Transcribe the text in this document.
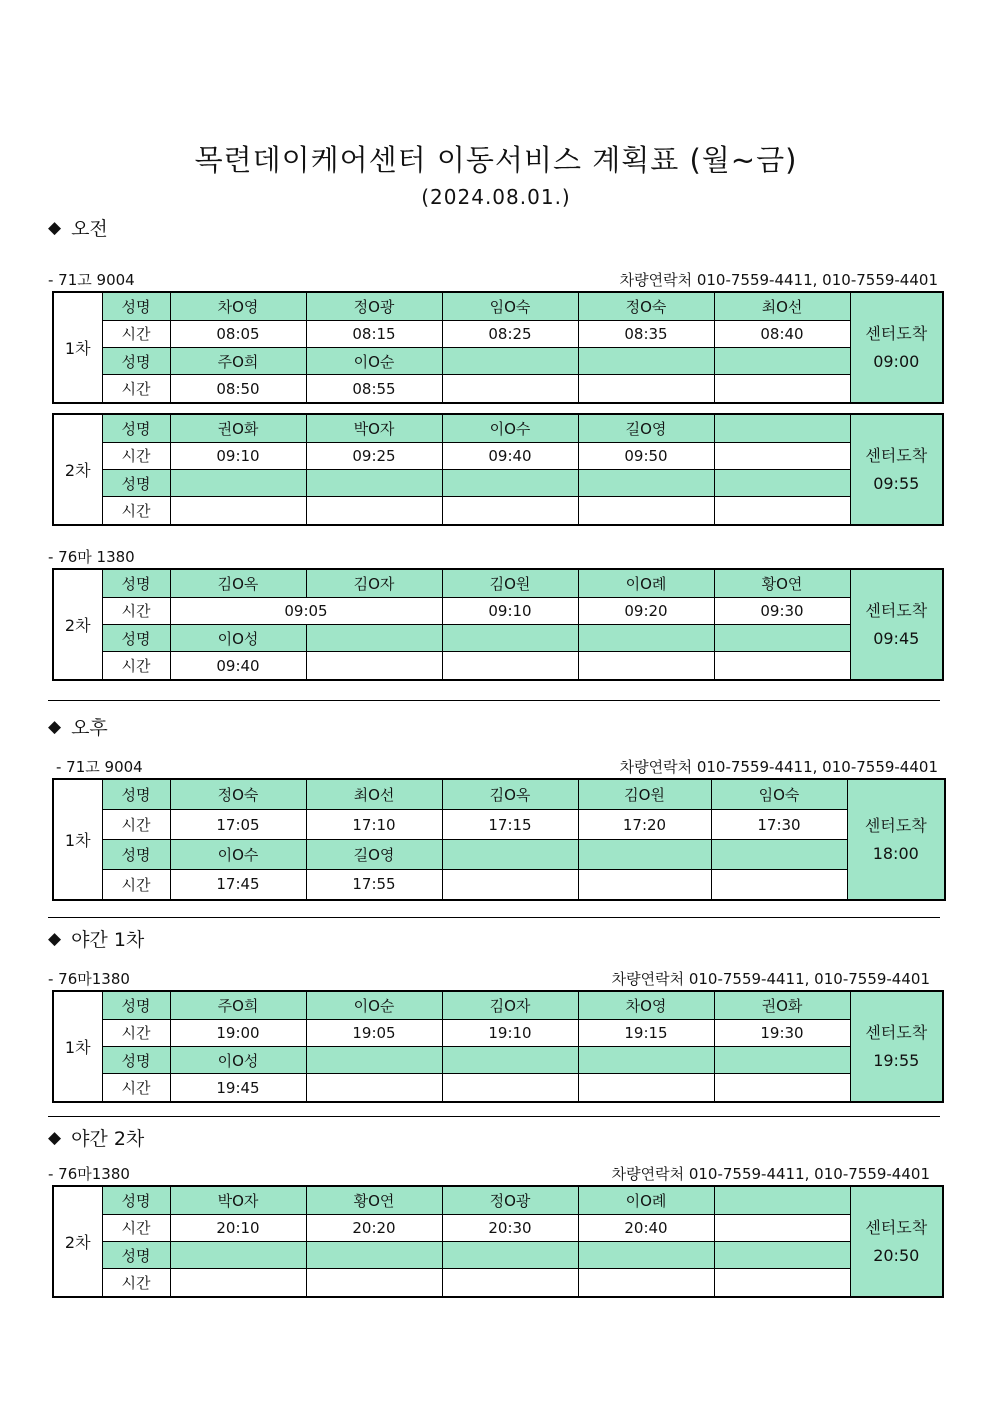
목련데이케어센터 이동서비스 계획표 (월~금)
(2024.08.01.)
◆ 오전
- 71고 9004	차량연락처 010-7559-4411, 010-7559-4401
1차	성명	차O영	정O광	임O숙	정O숙	최O선	센터도착
09:00
	시간	08:05	08:15	08:25	08:35	08:40	
	성명	주O희	이O순				
	시간	08:50	08:55				
2차	성명	권O화	박O자	이O수	길O영		센터도착
09:55
	시간	09:10	09:25	09:40	09:50		
	성명						
	시간						
- 76마 1380
2차	성명	김O옥	김O자	김O원	이O례	황O연	센터도착
09:45
	시간	09:05		09:10	09:20	09:30	
	성명	이O성					
	시간	09:40					
◆ 오후
- 71고 9004	차량연락처 010-7559-4411, 010-7559-4401
1차	성명	정O숙	최O선	김O옥	김O원	임O숙	센터도착
18:00
	시간	17:05	17:10	17:15	17:20	17:30	
	성명	이O수	길O영				
	시간	17:45	17:55				
◆ 야간 1차
- 76마1380	차량연락처 010-7559-4411, 010-7559-4401
1차	성명	주O희	이O순	김O자	차O영	권O화	센터도착
19:55
	시간	19:00	19:05	19:10	19:15	19:30	
	성명	이O성					
	시간	19:45					
◆ 야간 2차
- 76마1380	차량연락처 010-7559-4411, 010-7559-4401
2차	성명	박O자	황O연	정O광	이O례		센터도착
20:50
	시간	20:10	20:20	20:30	20:40		
	성명						
	시간						
